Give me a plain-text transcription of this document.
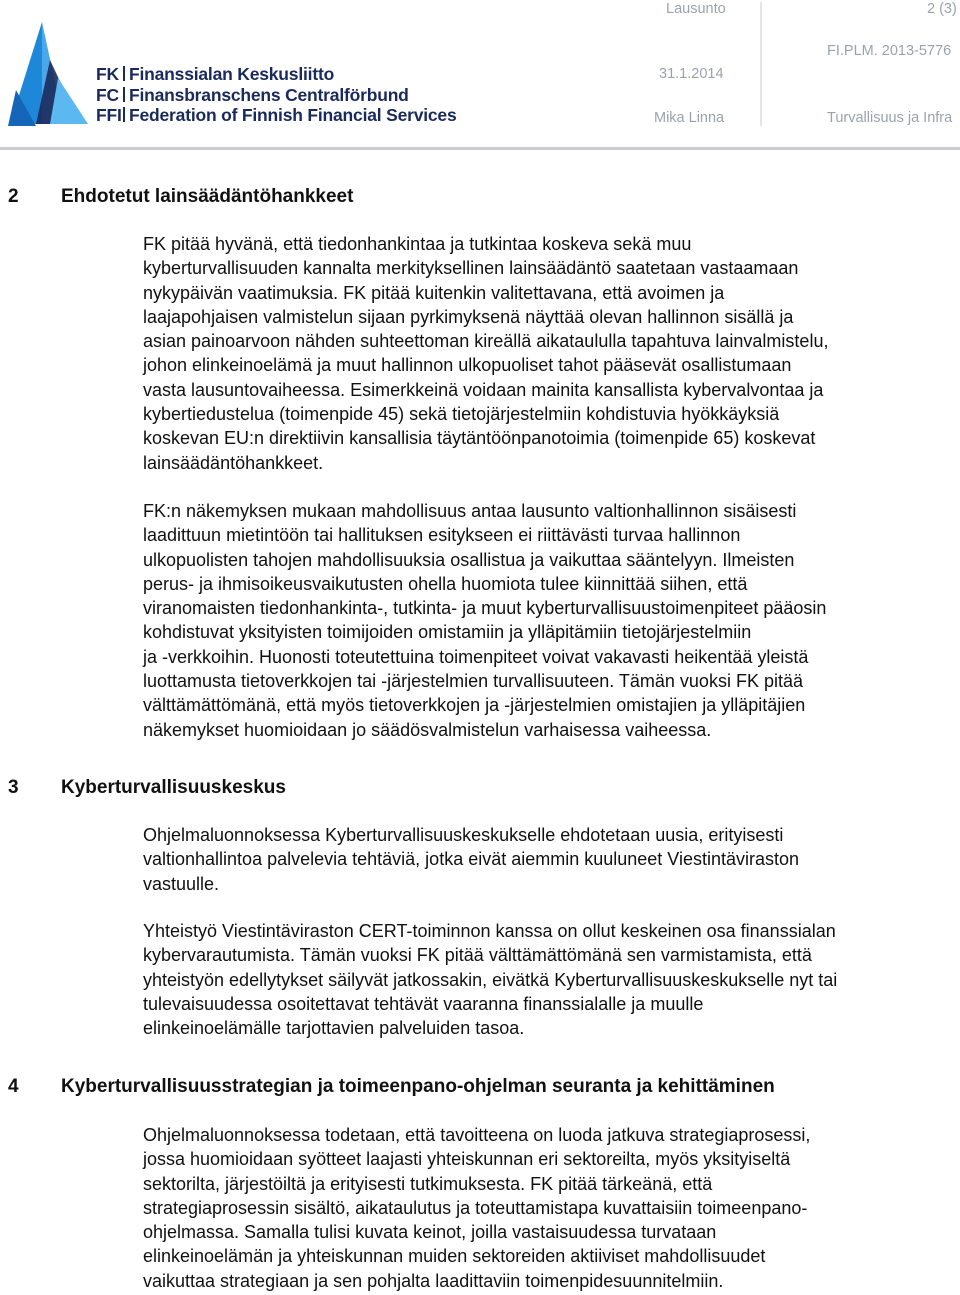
FK Finanssialan Keskusliitto
FC Finansbranschens Centralförbund
FFI Federation of Finnish Financial Services
Lausunto	2 (3)
FI.PLM. 2013-5776
31.1.2014
Mika Linna	Turvallisuus ja Infra
2 Ehdotetut lainsäädäntöhankkeet
FK pitää hyvänä, että tiedonhankintaa ja tutkintaa koskeva sekä muu
kyberturvallisuuden kannalta merkityksellinen lainsäädäntö saatetaan vastaamaan
nykypäivän vaatimuksia. FK pitää kuitenkin valitettavana, että avoimen ja
laajapohjaisen valmistelun sijaan pyrkimyksenä näyttää olevan hallinnon sisällä ja
asian painoarvoon nähden suhteettoman kireällä aikataululla tapahtuva lainvalmistelu,
johon elinkeinoelämä ja muut hallinnon ulkopuoliset tahot pääsevät osallistumaan
vasta lausuntovaiheessa. Esimerkkeinä voidaan mainita kansallista kybervalvontaa ja
kybertiedustelua (toimenpide 45) sekä tietojärjestelmiin kohdistuvia hyökkäyksiä
koskevan EU:n direktiivin kansallisia täytäntöönpanotoimia (toimenpide 65) koskevat
lainsäädäntöhankkeet.
FK:n näkemyksen mukaan mahdollisuus antaa lausunto valtionhallinnon sisäisesti
laadittuun mietintöön tai hallituksen esitykseen ei riittävästi turvaa hallinnon
ulkopuolisten tahojen mahdollisuuksia osallistua ja vaikuttaa sääntelyyn. Ilmeisten
perus- ja ihmisoikeusvaikutusten ohella huomiota tulee kiinnittää siihen, että
viranomaisten tiedonhankinta-, tutkinta- ja muut kyberturvallisuustoimenpiteet pääosin
kohdistuvat yksityisten toimijoiden omistamiin ja ylläpitämiin tietojärjestelmiin
ja -verkkoihin. Huonosti toteutettuina toimenpiteet voivat vakavasti heikentää yleistä
luottamusta tietoverkkojen tai -järjestelmien turvallisuuteen. Tämän vuoksi FK pitää
välttämättömänä, että myös tietoverkkojen ja -järjestelmien omistajien ja ylläpitäjien
näkemykset huomioidaan jo säädösvalmistelun varhaisessa vaiheessa.
3 Kyberturvallisuuskeskus
Ohjelmaluonnoksessa Kyberturvallisuuskeskukselle ehdotetaan uusia, erityisesti
valtionhallintoa palvelevia tehtäviä, jotka eivät aiemmin kuuluneet Viestintäviraston
vastuulle.
Yhteistyö Viestintäviraston CERT-toiminnon kanssa on ollut keskeinen osa finanssialan
kybervarautumista. Tämän vuoksi FK pitää välttämättömänä sen varmistamista, että
yhteistyön edellytykset säilyvät jatkossakin, eivätkä Kyberturvallisuuskeskukselle nyt tai
tulevaisuudessa osoitettavat tehtävät vaaranna finanssialalle ja muulle
elinkeinoelämälle tarjottavien palveluiden tasoa.
4 Kyberturvallisuusstrategian ja toimeenpano-ohjelman seuranta ja kehittäminen
Ohjelmaluonnoksessa todetaan, että tavoitteena on luoda jatkuva strategiaprosessi,
jossa huomioidaan syötteet laajasti yhteiskunnan eri sektoreilta, myös yksityiseltä
sektorilta, järjestöiltä ja erityisesti tutkimuksesta. FK pitää tärkeänä, että
strategiaprosessin sisältö, aikataulutus ja toteuttamistapa kuvattaisiin toimeenpano-
ohjelmassa. Samalla tulisi kuvata keinot, joilla vastaisuudessa turvataan
elinkeinoelämän ja yhteiskunnan muiden sektoreiden aktiiviset mahdollisuudet
vaikuttaa strategiaan ja sen pohjalta laadittaviin toimenpidesuunnitelmiin.
